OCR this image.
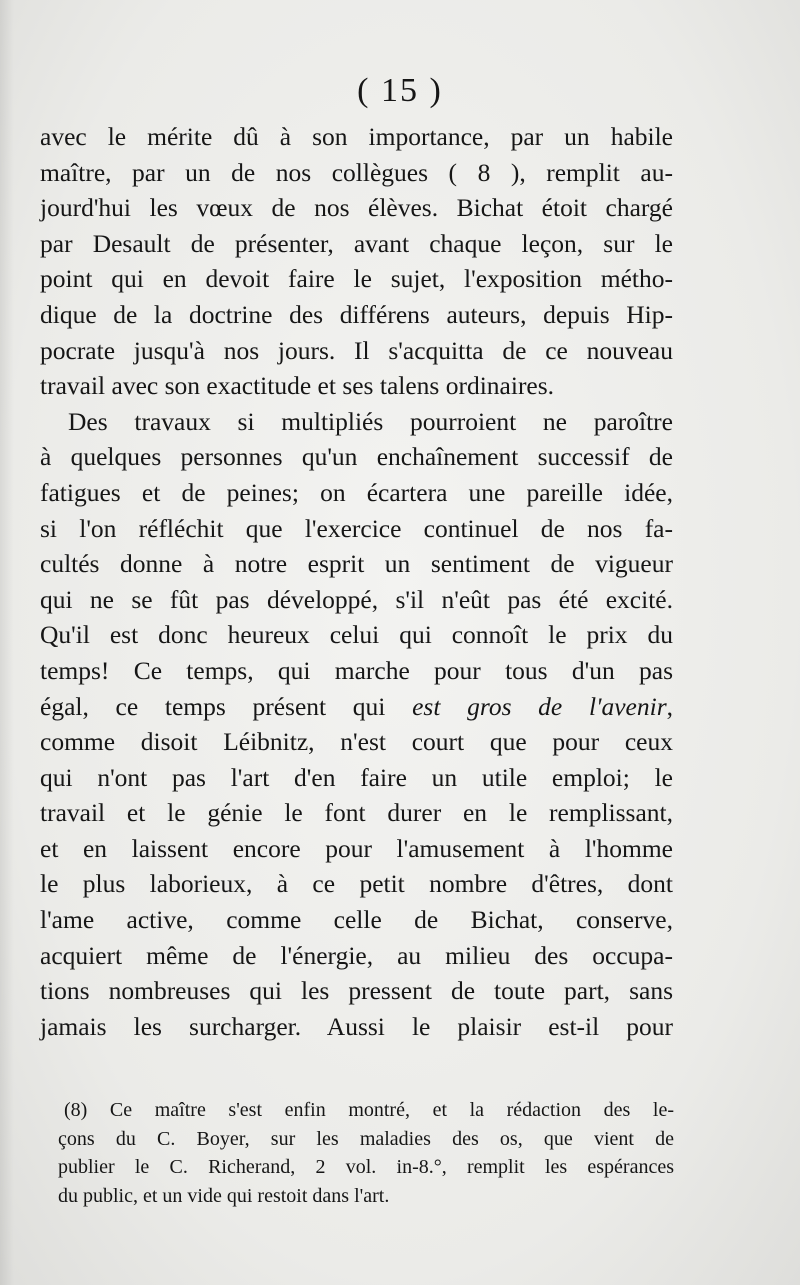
( 15 )
avec le mérite dû à son importance, par un habile
maître, par un de nos collègues ( 8 ), remplit au-
jourd'hui les vœux de nos élèves. Bichat étoit chargé
par Desault de présenter, avant chaque leçon, sur le
point qui en devoit faire le sujet, l'exposition métho-
dique de la doctrine des différens auteurs, depuis Hip-
pocrate jusqu'à nos jours. Il s'acquitta de ce nouveau
travail avec son exactitude et ses talens ordinaires.
Des travaux si multipliés pourroient ne paroître
à quelques personnes qu'un enchaînement successif de
fatigues et de peines; on écartera une pareille idée,
si l'on réfléchit que l'exercice continuel de nos fa-
cultés donne à notre esprit un sentiment de vigueur
qui ne se fût pas développé, s'il n'eût pas été excité.
Qu'il est donc heureux celui qui connoît le prix du
temps! Ce temps, qui marche pour tous d'un pas
égal, ce temps présent qui est gros de l'avenir,
comme disoit Léibnitz, n'est court que pour ceux
qui n'ont pas l'art d'en faire un utile emploi; le
travail et le génie le font durer en le remplissant,
et en laissent encore pour l'amusement à l'homme
le plus laborieux, à ce petit nombre d'êtres, dont
l'ame active, comme celle de Bichat, conserve,
acquiert même de l'énergie, au milieu des occupa-
tions nombreuses qui les pressent de toute part, sans
jamais les surcharger. Aussi le plaisir est-il pour
(8) Ce maître s'est enfin montré, et la rédaction des le-
çons du C. Boyer, sur les maladies des os, que vient de
publier le C. Richerand, 2 vol. in-8.°, remplit les espérances
du public, et un vide qui restoit dans l'art.
